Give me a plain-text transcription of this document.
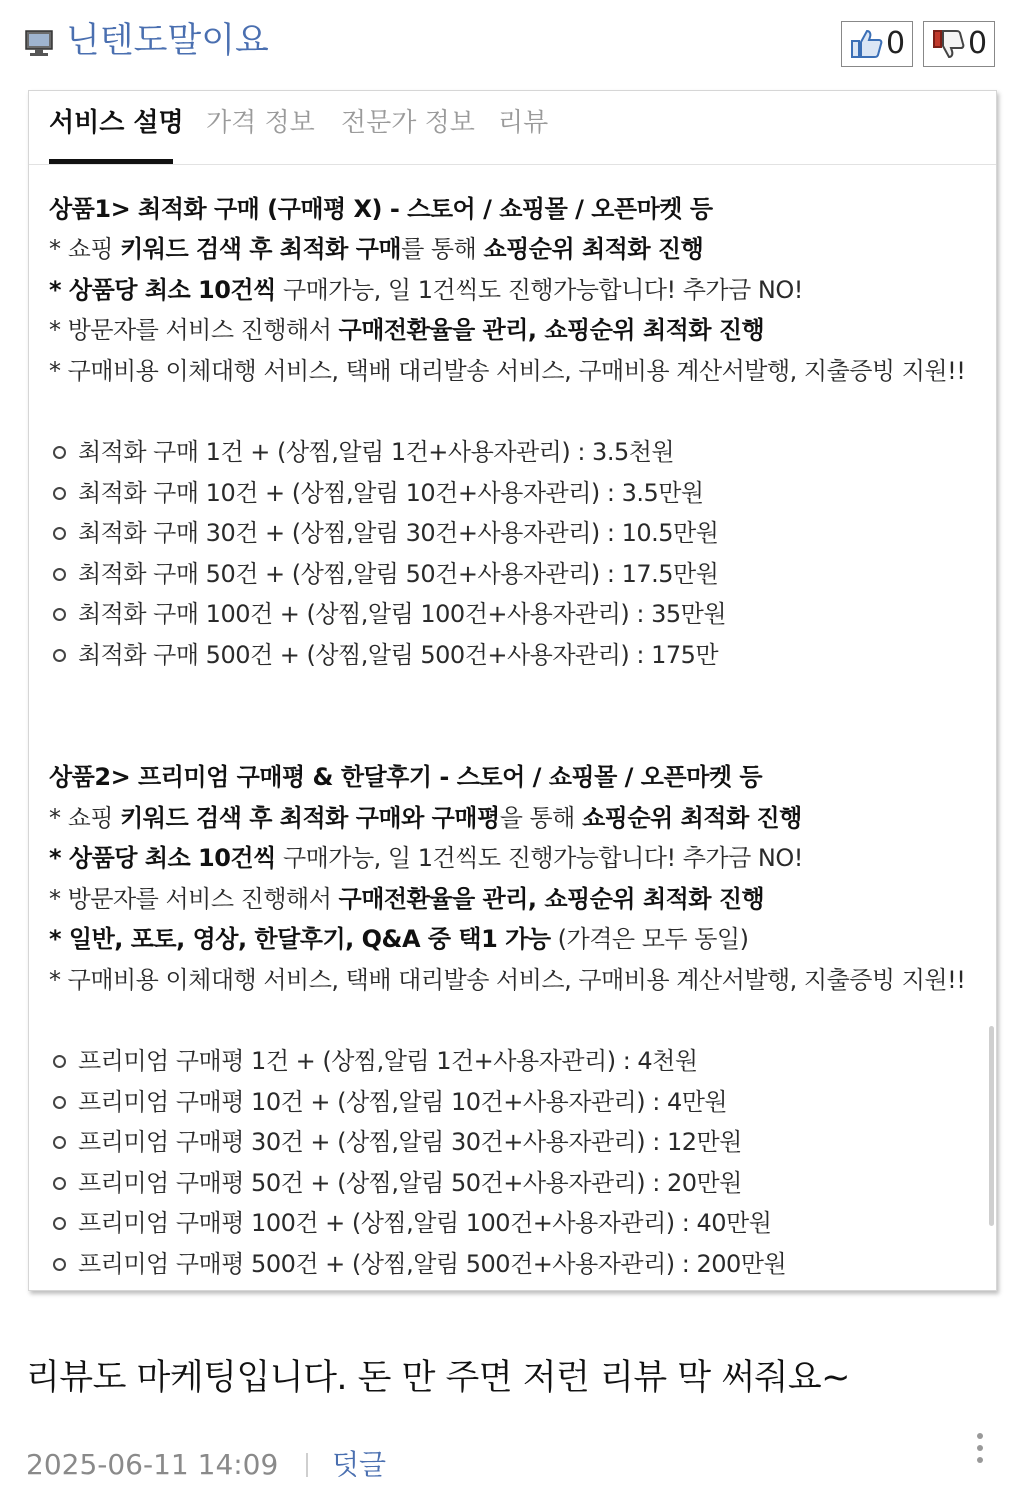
닌텐도말이요	0 0
서비스 설명 가격 정보 전문가 정보 리뷰
상품1> 최적화 구매 (구매평 X) - 스토어 / 쇼핑몰 / 오픈마켓 등
* 쇼핑 키워드 검색 후 최적화 구매를 통해 쇼핑순위 최적화 진행
* 상품당 최소 10건씩 구매가능, 일 1건씩도 진행가능합니다! 추가금 NO!
* 방문자를 서비스 진행해서 구매전환율을 관리, 쇼핑순위 최적화 진행
* 구매비용 이체대행 서비스, 택배 대리발송 서비스, 구매비용 계산서발행, 지출증빙 지원!!
최적화 구매 1건 + (상찜,알림 1건+사용자관리) : 3.5천원
최적화 구매 10건 + (상찜,알림 10건+사용자관리) : 3.5만원
최적화 구매 30건 + (상찜,알림 30건+사용자관리) : 10.5만원
최적화 구매 50건 + (상찜,알림 50건+사용자관리) : 17.5만원
최적화 구매 100건 + (상찜,알림 100건+사용자관리) : 35만원
최적화 구매 500건 + (상찜,알림 500건+사용자관리) : 175만
상품2> 프리미엄 구매평 & 한달후기 - 스토어 / 쇼핑몰 / 오픈마켓 등
* 쇼핑 키워드 검색 후 최적화 구매와 구매평을 통해 쇼핑순위 최적화 진행
* 상품당 최소 10건씩 구매가능, 일 1건씩도 진행가능합니다! 추가금 NO!
* 방문자를 서비스 진행해서 구매전환율을 관리, 쇼핑순위 최적화 진행
* 일반, 포토, 영상, 한달후기, Q&A 중 택1 가능 (가격은 모두 동일)
* 구매비용 이체대행 서비스, 택배 대리발송 서비스, 구매비용 계산서발행, 지출증빙 지원!!
프리미엄 구매평 1건 + (상찜,알림 1건+사용자관리) : 4천원
프리미엄 구매평 10건 + (상찜,알림 10건+사용자관리) : 4만원
프리미엄 구매평 30건 + (상찜,알림 30건+사용자관리) : 12만원
프리미엄 구매평 50건 + (상찜,알림 50건+사용자관리) : 20만원
프리미엄 구매평 100건 + (상찜,알림 100건+사용자관리) : 40만원
프리미엄 구매평 500건 + (상찜,알림 500건+사용자관리) : 200만원
리뷰도 마케팅입니다. 돈 만 주면 저런 리뷰 막 써줘요~
2025-06-11 14:09 덧글
